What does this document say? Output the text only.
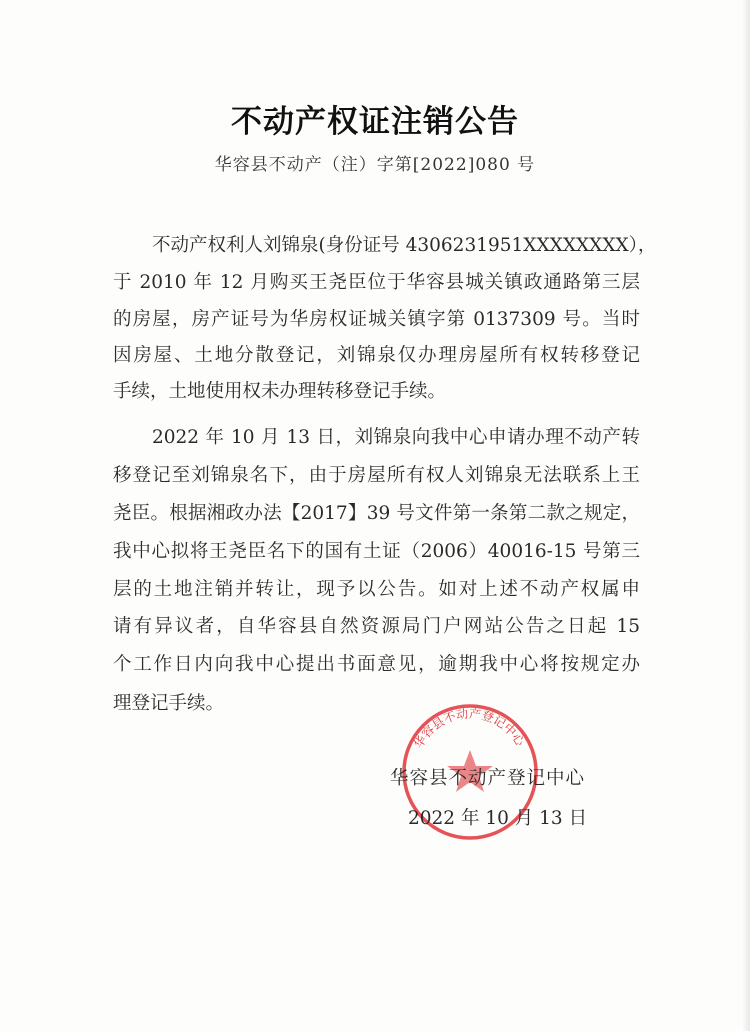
不动产权证注销公告
华容县不动产（注）字第[2022]080 号
不动产权利人刘锦泉(身份证号 4306231951XXXXXXXX），
于 2010 年 12 月购买王尧臣位于华容县城关镇政通路第三层
的房屋，房产证号为华房权证城关镇字第 0137309 号。当时
因房屋、土地分散登记，刘锦泉仅办理房屋所有权转移登记
手续，土地使用权未办理转移登记手续。
2022 年 10 月 13 日，刘锦泉向我中心申请办理不动产转
移登记至刘锦泉名下，由于房屋所有权人刘锦泉无法联系上王
尧臣。根据湘政办法【2017】39 号文件第一条第二款之规定，
我中心拟将王尧臣名下的国有土证（2006）40016-15 号第三
层的土地注销并转让，现予以公告。如对上述不动产权属申
请有异议者，自华容县自然资源局门户网站公告之日起 15
个工作日内向我中心提出书面意见，逾期我中心将按规定办
理登记手续。
华容县不动产登记中心
华容县不动产登记中心
2022 年 10 月 13 日
